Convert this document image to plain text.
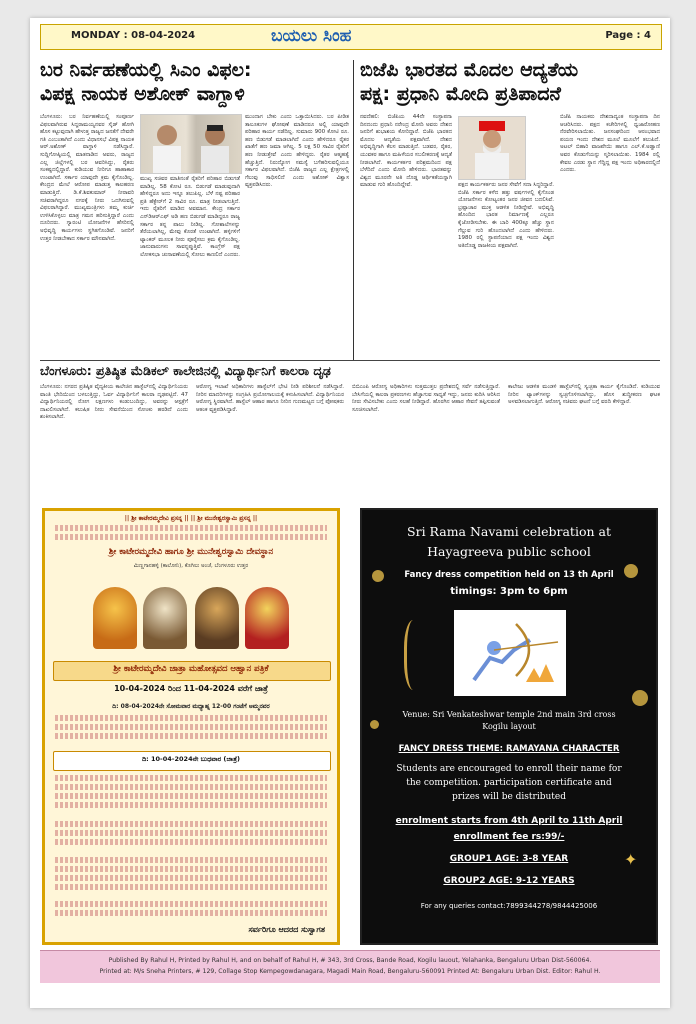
MONDAY : 08-04-2024	ಬಯಲು ಸಿಂಹ	Page : 4
ಬರ ನಿರ್ವಹಣೆಯಲ್ಲಿ ಸಿಎಂ ವಿಫಲ:
ವಿಪಕ್ಷ ನಾಯಕ ಅಶೋಕ್ ವಾಗ್ದಾಳಿ

ಬೆಂಗಳೂರು: ಬರ ನಿರ್ವಹಣೆಯಲ್ಲಿ ಸಂಪೂರ್ಣ ವಿಫಲವಾಗಿರುವ ಸಿದ್ದರಾಮಯ್ಯನವರ ಸೈಡ್ ಹೋಗಿ ಹೊಸ ಕಟ್ಟುವುದಾಗಿ ಹೇಳುತ್ತ ರಾಜ್ಯದ ಜನತೆಗೆ ದೇವರೇ ಗತಿ ಎಂಬಂತಾಗಿದೆ ಎಂದು ವಿಧಾನಸಭೆ ವಿಪಕ್ಷ ನಾಯಕ ಆರ್.ಅಶೋಕ್ ವಾಗ್ದಾಳಿ ನಡೆಸಿದ್ದಾರೆ. ಸುದ್ದಿಗೋಷ್ಠಿಯಲ್ಲಿ ಮಾತನಾಡಿದ ಅವರು, ರಾಜ್ಯದ ಎಲ್ಲ ಜಿಲ್ಲೆಗಳಲ್ಲಿ ಬರ ಆವರಿಸಿದ್ದು, ರೈತರು ಸಂಕಷ್ಟದಲ್ಲಿದ್ದಾರೆ. ಕುಡಿಯುವ ನೀರಿಗೂ ಹಾಹಾಕಾರ ಉಂಟಾಗಿದೆ. ಸರ್ಕಾರ ಯಾವುದೇ ಕ್ರಮ ಕೈಗೊಂಡಿಲ್ಲ. ಕೇಂದ್ರದ ಮೇಲೆ ಆರೋಪ ಮಾಡುತ್ತ ಕಾಲಹರಣ ಮಾಡುತ್ತಿದೆ. ಡಿ.ಕೆ.ಶಿವಕುಮಾರ್ ನೀರಾವರಿ ಸಚಿವರಾಗಿದ್ದರೂ ನಗರಕ್ಕೆ ನೀರು ಒದಗಿಸುವಲ್ಲಿ ವಿಫಲರಾಗಿದ್ದಾರೆ. ಮುಖ್ಯಮಂತ್ರಿಗಳು ತಮ್ಮ ಕುರ್ಚಿ ಉಳಿಸಿಕೊಳ್ಳಲು ಮಾತ್ರ ಗಮನ ಹರಿಸುತ್ತಿದ್ದಾರೆ ಎಂದು ದೂರಿದರು. ಗ್ಯಾರಂಟಿ ಯೋಜನೆಗಳ ಹೆಸರಿನಲ್ಲಿ ಅಭಿವೃದ್ಧಿ ಕಾರ್ಯಗಳು ಸ್ಥಗಿತಗೊಂಡಿವೆ. ಜನರಿಗೆ ಉತ್ತರ ನೀಡಬೇಕಾದ ಸರ್ಕಾರ ಮೌನವಾಗಿದೆ.

ಮುಖ್ಯ ಸಚಿವರ ಮಾತಿನಂತೆ ರೈತರಿಗೆ ಪರಿಹಾರ ಬಿಡುಗಡೆ ಮಾಡಿಲ್ಲ. 58 ಕೋಟಿ ರೂ. ಬಿಡುಗಡೆ ಮಾಡುವುದಾಗಿ ಹೇಳಿದ್ದರೂ ಅದು ಇನ್ನೂ ತಲುಪಿಲ್ಲ. ಬೆಳೆ ನಷ್ಟ ಪರಿಹಾರ ಪ್ರತಿ ಹೆಕ್ಟೇರ್‌ಗೆ 2 ಸಾವಿರ ರೂ. ಮಾತ್ರ ನೀಡಲಾಗುತ್ತಿದೆ. ಇದು ರೈತರಿಗೆ ಮಾಡಿದ ಅವಮಾನ. ಕೇಂದ್ರ ಸರ್ಕಾರ ಎನ್‌ಡಿಆರ್‌ಎಫ್ ಅಡಿ ಹಣ ಬಿಡುಗಡೆ ಮಾಡಿದ್ದರೂ ರಾಜ್ಯ ಸರ್ಕಾರ ತನ್ನ ಪಾಲು ನೀಡಿಲ್ಲ. ಗೋಶಾಲೆಗಳನ್ನು ತೆರೆಯಲಾಗಿಲ್ಲ, ಮೇವು ಕೊರತೆ ಉಂಟಾಗಿದೆ. ಹಳ್ಳಿಗಳಿಗೆ ಟ್ಯಾಂಕರ್ ಮೂಲಕ ನೀರು ಪೂರೈಸಲು ಕ್ರಮ ಕೈಗೊಂಡಿಲ್ಲ. ಜಾನುವಾರುಗಳು ಸಾವನ್ನಪ್ಪುತ್ತಿವೆ. ಕಾಂಗ್ರೆಸ್ ಪಕ್ಷ ಲೋಕಸಭಾ ಚುನಾವಣೆಯಲ್ಲಿ ಸೋಲು ಕಾಣಲಿದೆ ಎಂದರು.

ಮುಂದಾಗ ಬೇಕು ಎಂದು ಒತ್ತಾಯಿಸಿದರು. ಬರ ಪೀಡಿತ ತಾಲೂಕುಗಳ ಘೋಷಣೆ ಮಾಡಿದರೂ ಅಲ್ಲಿ ಯಾವುದೇ ಪರಿಹಾರ ಕಾರ್ಯ ನಡೆದಿಲ್ಲ. ಸುಮಾರು 900 ಕೋಟಿ ರೂ. ಹಣ ಬಿಡುಗಡೆ ಮಾಡಲಾಗಿದೆ ಎಂದು ಹೇಳಿದರೂ ರೈತರ ಖಾತೆಗೆ ಹಣ ಜಮಾ ಆಗಿಲ್ಲ. 5 ಲಕ್ಷ 50 ಸಾವಿರ ರೈತರಿಗೆ ಹಣ ನೀಡುತ್ತೇವೆ ಎಂದು ಹೇಳಿದ್ದರು. ರೈತರ ಆತ್ಮಹತ್ಯೆ ಹೆಚ್ಚುತ್ತಿದೆ. ನಿರುದ್ಯೋಗ ಸಮಸ್ಯೆ ಬಗೆಹರಿಸುವಲ್ಲಿಯೂ ಸರ್ಕಾರ ವಿಫಲವಾಗಿದೆ. ಬಿಜೆಪಿ ರಾಜ್ಯದ ಎಲ್ಲ ಕ್ಷೇತ್ರಗಳಲ್ಲಿ ಗೆಲುವು ಸಾಧಿಸಲಿದೆ ಎಂದು ಅಶೋಕ್ ವಿಶ್ವಾಸ ವ್ಯಕ್ತಪಡಿಸಿದರು.

ಬಿಜೆಪಿ ಭಾರತದ ಮೊದಲ ಆದ್ಯತೆಯ
ಪಕ್ಷ: ಪ್ರಧಾನಿ ಮೋದಿ ಪ್ರತಿಪಾದನೆ

ನವದೆಹಲಿ: ಬಿಜೆಪಿಯ 44ನೇ ಸಂಸ್ಥಾಪನಾ ದಿನದಂದು ಪ್ರಧಾನಿ ನರೇಂದ್ರ ಮೋದಿ ಅವರು ದೇಶದ ಜನರಿಗೆ ಶುಭಾಶಯ ಕೋರಿದ್ದಾರೆ. ಬಿಜೆಪಿ ಭಾರತದ ಮೊದಲ ಆದ್ಯತೆಯ ಪಕ್ಷವಾಗಿದೆ. ದೇಶದ ಅಭಿವೃದ್ಧಿಗಾಗಿ ಕೆಲಸ ಮಾಡುತ್ತಿದೆ. ಬಡವರ, ರೈತರ, ಯುವಕರ ಹಾಗೂ ಮಹಿಳೆಯರ ಸಬಲೀಕರಣಕ್ಕೆ ಆದ್ಯತೆ ನೀಡಲಾಗಿದೆ. ಕಾರ್ಯಕರ್ತರ ಪರಿಶ್ರಮದಿಂದ ಪಕ್ಷ ಬೆಳೆದಿದೆ ಎಂದು ಮೋದಿ ಹೇಳಿದರು. ಭಾರತವನ್ನು ವಿಶ್ವದ ಮೂರನೇ ಅತಿ ದೊಡ್ಡ ಆರ್ಥಿಕತೆಯನ್ನಾಗಿ ಮಾಡುವ ಗುರಿ ಹೊಂದಿದ್ದೇವೆ.	ಪಕ್ಷದ ಕಾರ್ಯಕರ್ತರು ಜನರ ಸೇವೆಗೆ ಸದಾ ಸಿದ್ಧರಿದ್ದಾರೆ. ಬಿಜೆಪಿ ಸರ್ಕಾರ ಕಳೆದ ಹತ್ತು ವರ್ಷಗಳಲ್ಲಿ ಕೈಗೊಂಡ ಯೋಜನೆಗಳು ಕೋಟ್ಯಂತರ ಜನರ ಜೀವನ ಬದಲಿಸಿವೆ. ಭ್ರಷ್ಟಾಚಾರ ಮುಕ್ತ ಆಡಳಿತ ನೀಡಿದ್ದೇವೆ. ಅಭಿವೃದ್ಧಿ ಹೊಂದಿದ ಭಾರತ ನಿರ್ಮಾಣಕ್ಕೆ ಎಲ್ಲರೂ ಕೈಜೋಡಿಸಬೇಕು. ಈ ಬಾರಿ 400ಕ್ಕೂ ಹೆಚ್ಚು ಸ್ಥಾನ ಗೆಲ್ಲುವ ಗುರಿ ಹೊಂದಲಾಗಿದೆ ಎಂದು ಹೇಳಿದರು. 1980 ರಲ್ಲಿ ಸ್ಥಾಪನೆಯಾದ ಪಕ್ಷ ಇಂದು ವಿಶ್ವದ ಅತಿದೊಡ್ಡ ರಾಜಕೀಯ ಪಕ್ಷವಾಗಿದೆ.

ಬಿಜೆಪಿ ನಾಯಕರು ದೇಶದಾದ್ಯಂತ ಸಂಸ್ಥಾಪನಾ ದಿನ ಆಚರಿಸಿದರು. ಪಕ್ಷದ ಕಚೇರಿಗಳಲ್ಲಿ ಧ್ವಜಾರೋಹಣ ನೆರವೇರಿಸಲಾಯಿತು. ಜನಸಂಘದಿಂದ ಆರಂಭವಾದ ಪಯಣ ಇಂದು ದೇಶದ ಮೂಲೆ ಮೂಲೆಗೆ ತಲುಪಿದೆ. ಅಟಲ್ ಬಿಹಾರಿ ವಾಜಪೇಯಿ ಹಾಗೂ ಎಲ್.ಕೆ.ಅಡ್ವಾಣಿ ಅವರ ಕೊಡುಗೆಯನ್ನು ಸ್ಮರಿಸಲಾಯಿತು. 1984 ರಲ್ಲಿ ಕೇವಲ ಎರಡು ಸ್ಥಾನ ಗೆದ್ದಿದ್ದ ಪಕ್ಷ ಇಂದು ಅಧಿಕಾರದಲ್ಲಿದೆ ಎಂದರು.

ಬೆಂಗಳೂರು: ಪ್ರತಿಷ್ಠಿತ ಮೆಡಿಕಲ್ ಕಾಲೇಜಿನಲ್ಲಿ ವಿದ್ಯಾರ್ಥಿನಿಗೆ ಕಾಲರಾ ದೃಢ

ಬೆಂಗಳೂರು: ನಗರದ ಪ್ರತಿಷ್ಠಿತ ವೈದ್ಯಕೀಯ ಕಾಲೇಜಿನ ಹಾಸ್ಟೆಲ್‌ನಲ್ಲಿ ವಿದ್ಯಾರ್ಥಿನಿಯರು ವಾಂತಿ ಭೇದಿಯಿಂದ ಬಳಲುತ್ತಿದ್ದು, ಓರ್ವ ವಿದ್ಯಾರ್ಥಿನಿಗೆ ಕಾಲರಾ ದೃಢಪಟ್ಟಿದೆ. 47 ವಿದ್ಯಾರ್ಥಿನಿಯರಲ್ಲಿ ರೋಗ ಲಕ್ಷಣಗಳು ಕಂಡುಬಂದಿದ್ದು, ಅವರನ್ನು ಆಸ್ಪತ್ರೆಗೆ ದಾಖಲಿಸಲಾಗಿದೆ. ಕಲುಷಿತ ನೀರು ಸೇವನೆಯಿಂದ ಸೋಂಕು ಹರಡಿದೆ ಎಂದು ಶಂಕಿಸಲಾಗಿದೆ.

ಆರೋಗ್ಯ ಇಲಾಖೆ ಅಧಿಕಾರಿಗಳು ಹಾಸ್ಟೆಲ್‌ಗೆ ಭೇಟಿ ನೀಡಿ ಪರಿಶೀಲನೆ ನಡೆಸಿದ್ದಾರೆ. ನೀರಿನ ಮಾದರಿಗಳನ್ನು ಸಂಗ್ರಹಿಸಿ ಪ್ರಯೋಗಾಲಯಕ್ಕೆ ಕಳುಹಿಸಲಾಗಿದೆ. ವಿದ್ಯಾರ್ಥಿನಿಯರ ಆರೋಗ್ಯ ಸ್ಥಿರವಾಗಿದೆ. ಹಾಸ್ಟೆಲ್ ಆಹಾರ ಹಾಗೂ ನೀರಿನ ಗುಣಮಟ್ಟದ ಬಗ್ಗೆ ಪೋಷಕರು ಆತಂಕ ವ್ಯಕ್ತಪಡಿಸಿದ್ದಾರೆ.

ಬಿಬಿಎಂಪಿ ಆರೋಗ್ಯ ಅಧಿಕಾರಿಗಳು ಸುತ್ತಮುತ್ತಲ ಪ್ರದೇಶದಲ್ಲಿ ಸರ್ವೆ ನಡೆಸುತ್ತಿದ್ದಾರೆ. ಬೇಸಿಗೆಯಲ್ಲಿ ಕಾಲರಾ ಪ್ರಕರಣಗಳು ಹೆಚ್ಚಾಗುವ ಸಾಧ್ಯತೆ ಇದ್ದು, ಜನರು ಕುದಿಸಿ ಆರಿಸಿದ ನೀರು ಸೇವಿಸಬೇಕು ಎಂದು ಸಲಹೆ ನೀಡಿದ್ದಾರೆ. ಹೊರಗಿನ ಆಹಾರ ಸೇವನೆ ತಪ್ಪಿಸುವಂತೆ ಸೂಚಿಸಲಾಗಿದೆ.

ಕಾಲೇಜು ಆಡಳಿತ ಮಂಡಳಿ ಹಾಸ್ಟೆಲ್‌ನಲ್ಲಿ ಸ್ವಚ್ಛತಾ ಕಾರ್ಯ ಕೈಗೊಂಡಿದೆ. ಕುಡಿಯುವ ನೀರಿನ ಟ್ಯಾಂಕ್‌ಗಳನ್ನು ಸ್ವಚ್ಛಗೊಳಿಸಲಾಗಿದ್ದು, ಹೊಸ ಶುದ್ಧೀಕರಣ ಘಟಕ ಅಳವಡಿಸಲಾಗುತ್ತಿದೆ. ಆರೋಗ್ಯ ಸಚಿವರು ಘಟನೆ ಬಗ್ಗೆ ವರದಿ ಕೇಳಿದ್ದಾರೆ.

|| ಶ್ರೀ ಕಾಟೇರಮ್ಮದೇವಿ ಪ್ರಸನ್ನ || || ಶ್ರೀ ಮುನೇಶ್ವರಸ್ವಾಮಿ ಪ್ರಸನ್ನ ||
ಶ್ರೀ ಕಾಟೇರಮ್ಮದೇವಿ ಹಾಗೂ ಶ್ರೀ ಮುನೇಶ್ವರಸ್ವಾಮಿ ದೇವಸ್ಥಾನ
ಮಿಣ್ಣಗಾನಹಳ್ಳಿ (ಕಾಲೋನಿ), ಕೊಗಿಲು ಅಂಚೆ, ಬೆಂಗಳೂರು ಉತ್ತರ
ಶ್ರೀ ಕಾಟೇರಮ್ಮದೇವಿ ಜಾತ್ರಾ ಮಹೋತ್ಸವದ ಆಹ್ವಾನ ಪತ್ರಿಕೆ
10-04-2024 ರಿಂದ 11-04-2024 ವರೆಗೆ ಜಾತ್ರೆ
ದಿ: 08-04-2024ನೇ ಸೋಮವಾರ ಮಧ್ಯಾಹ್ನ 12-00 ಗಂಟೆಗೆ ಅಮ್ಮನವರ
ದಿ: 10-04-2024ನೇ ಬುಧವಾರ (ಜಾತ್ರೆ)
ಸರ್ವರಿಗೂ ಆದರದ ಸುಸ್ವಾಗತ
Sri Rama Navami celebration at
Hayagreeva public school
Fancy dress competition held on 13 th April
timings: 3pm to 6pm
Venue: Sri Venkateshwar temple 2nd main 3rd cross
Kogilu layout
FANCY DRESS THEME: RAMAYANA CHARACTER
Students are encouraged to enroll their name for
the competition. participation certificate and
prizes will be distributed
enrolment starts from 4th April to 11th April
enrollment fee rs:99/-
GROUP1 AGE: 3-8 YEAR
GROUP2 AGE: 9-12 YEARS
✦
For any queries contact:7899344278/9844425006
Published By Rahul H, Printed by Rahul H, and on behalf of Rahul H, # 343, 3rd Cross, Bande Road, Kogilu lauout, Yelahanka, Bengaluru Urban Dist-560064.
Printed at: M/s Sneha Printers, # 129, Collage Stop Kempegowdanagara, Magadi Main Road, Bengaluru-560091 Printed At: Bengaluru Urban Dist. Editor: Rahul H.
